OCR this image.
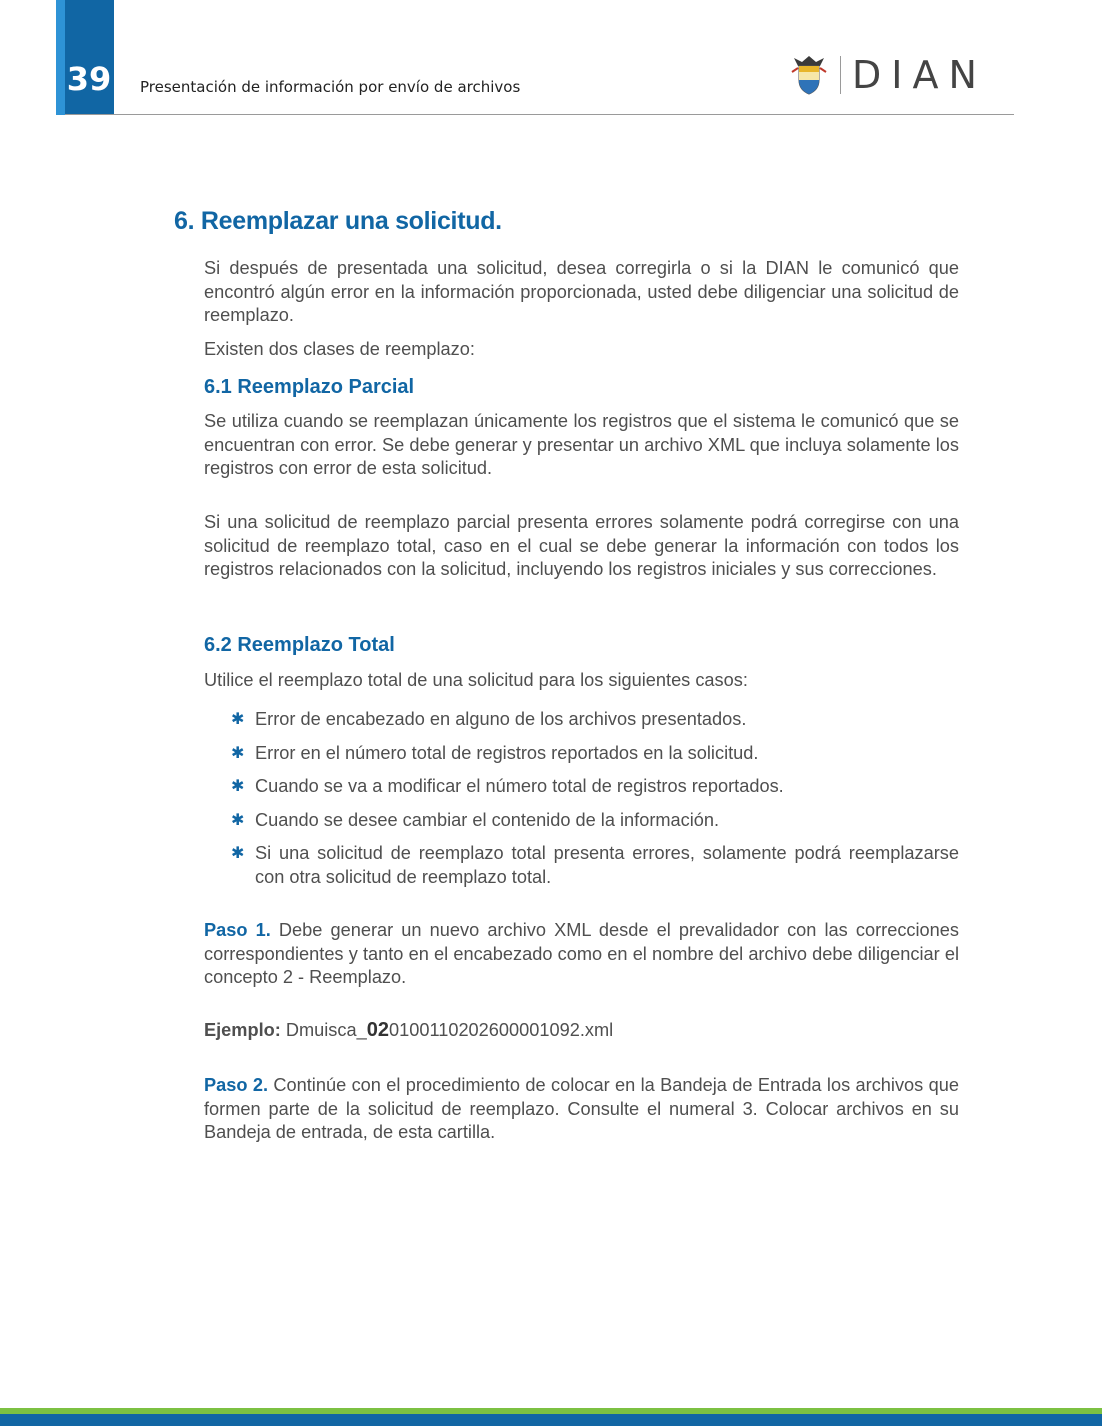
39	Presentación de información por envío de archivos	DIAN
6. Reemplazar una solicitud.

Si después de presentada una solicitud, desea corregirla o si la DIAN le comunicó que encontró algún error en la información proporcionada, usted debe diligenciar una solicitud de reemplazo.

Existen dos clases de reemplazo:

6.1 Reemplazo Parcial

Se utiliza cuando se reemplazan únicamente los registros que el sistema le comunicó que se encuentran con error. Se debe generar y presentar un archivo XML que incluya solamente los registros con error de esta solicitud.

Si una solicitud de reemplazo parcial presenta errores solamente podrá corregirse con una solicitud de reemplazo total, caso en el cual se debe generar la información con todos los registros relacionados con la solicitud, incluyendo los registros iniciales y sus correcciones.

6.2 Reemplazo Total

Utilice el reemplazo total de una solicitud para los siguientes casos:

✱ Error de encabezado en alguno de los archivos presentados.
✱ Error en el número total de registros reportados en la solicitud.
✱ Cuando se va a modificar el número total de registros reportados.
✱ Cuando se desee cambiar el contenido de la información.
✱ Si una solicitud de reemplazo total presenta errores, solamente podrá reemplazarse con otra solicitud de reemplazo total.

Paso 1. Debe generar un nuevo archivo XML desde el prevalidador con las correcciones correspondientes y tanto en el encabezado como en el nombre del archivo debe diligenciar el concepto 2 - Reemplazo.

Ejemplo: Dmuisca_020100110202600001092.xml

Paso 2. Continúe con el procedimiento de colocar en la Bandeja de Entrada los archivos que formen parte de la solicitud de reemplazo. Consulte el numeral 3. Colocar archivos en su Bandeja de entrada, de esta cartilla.
